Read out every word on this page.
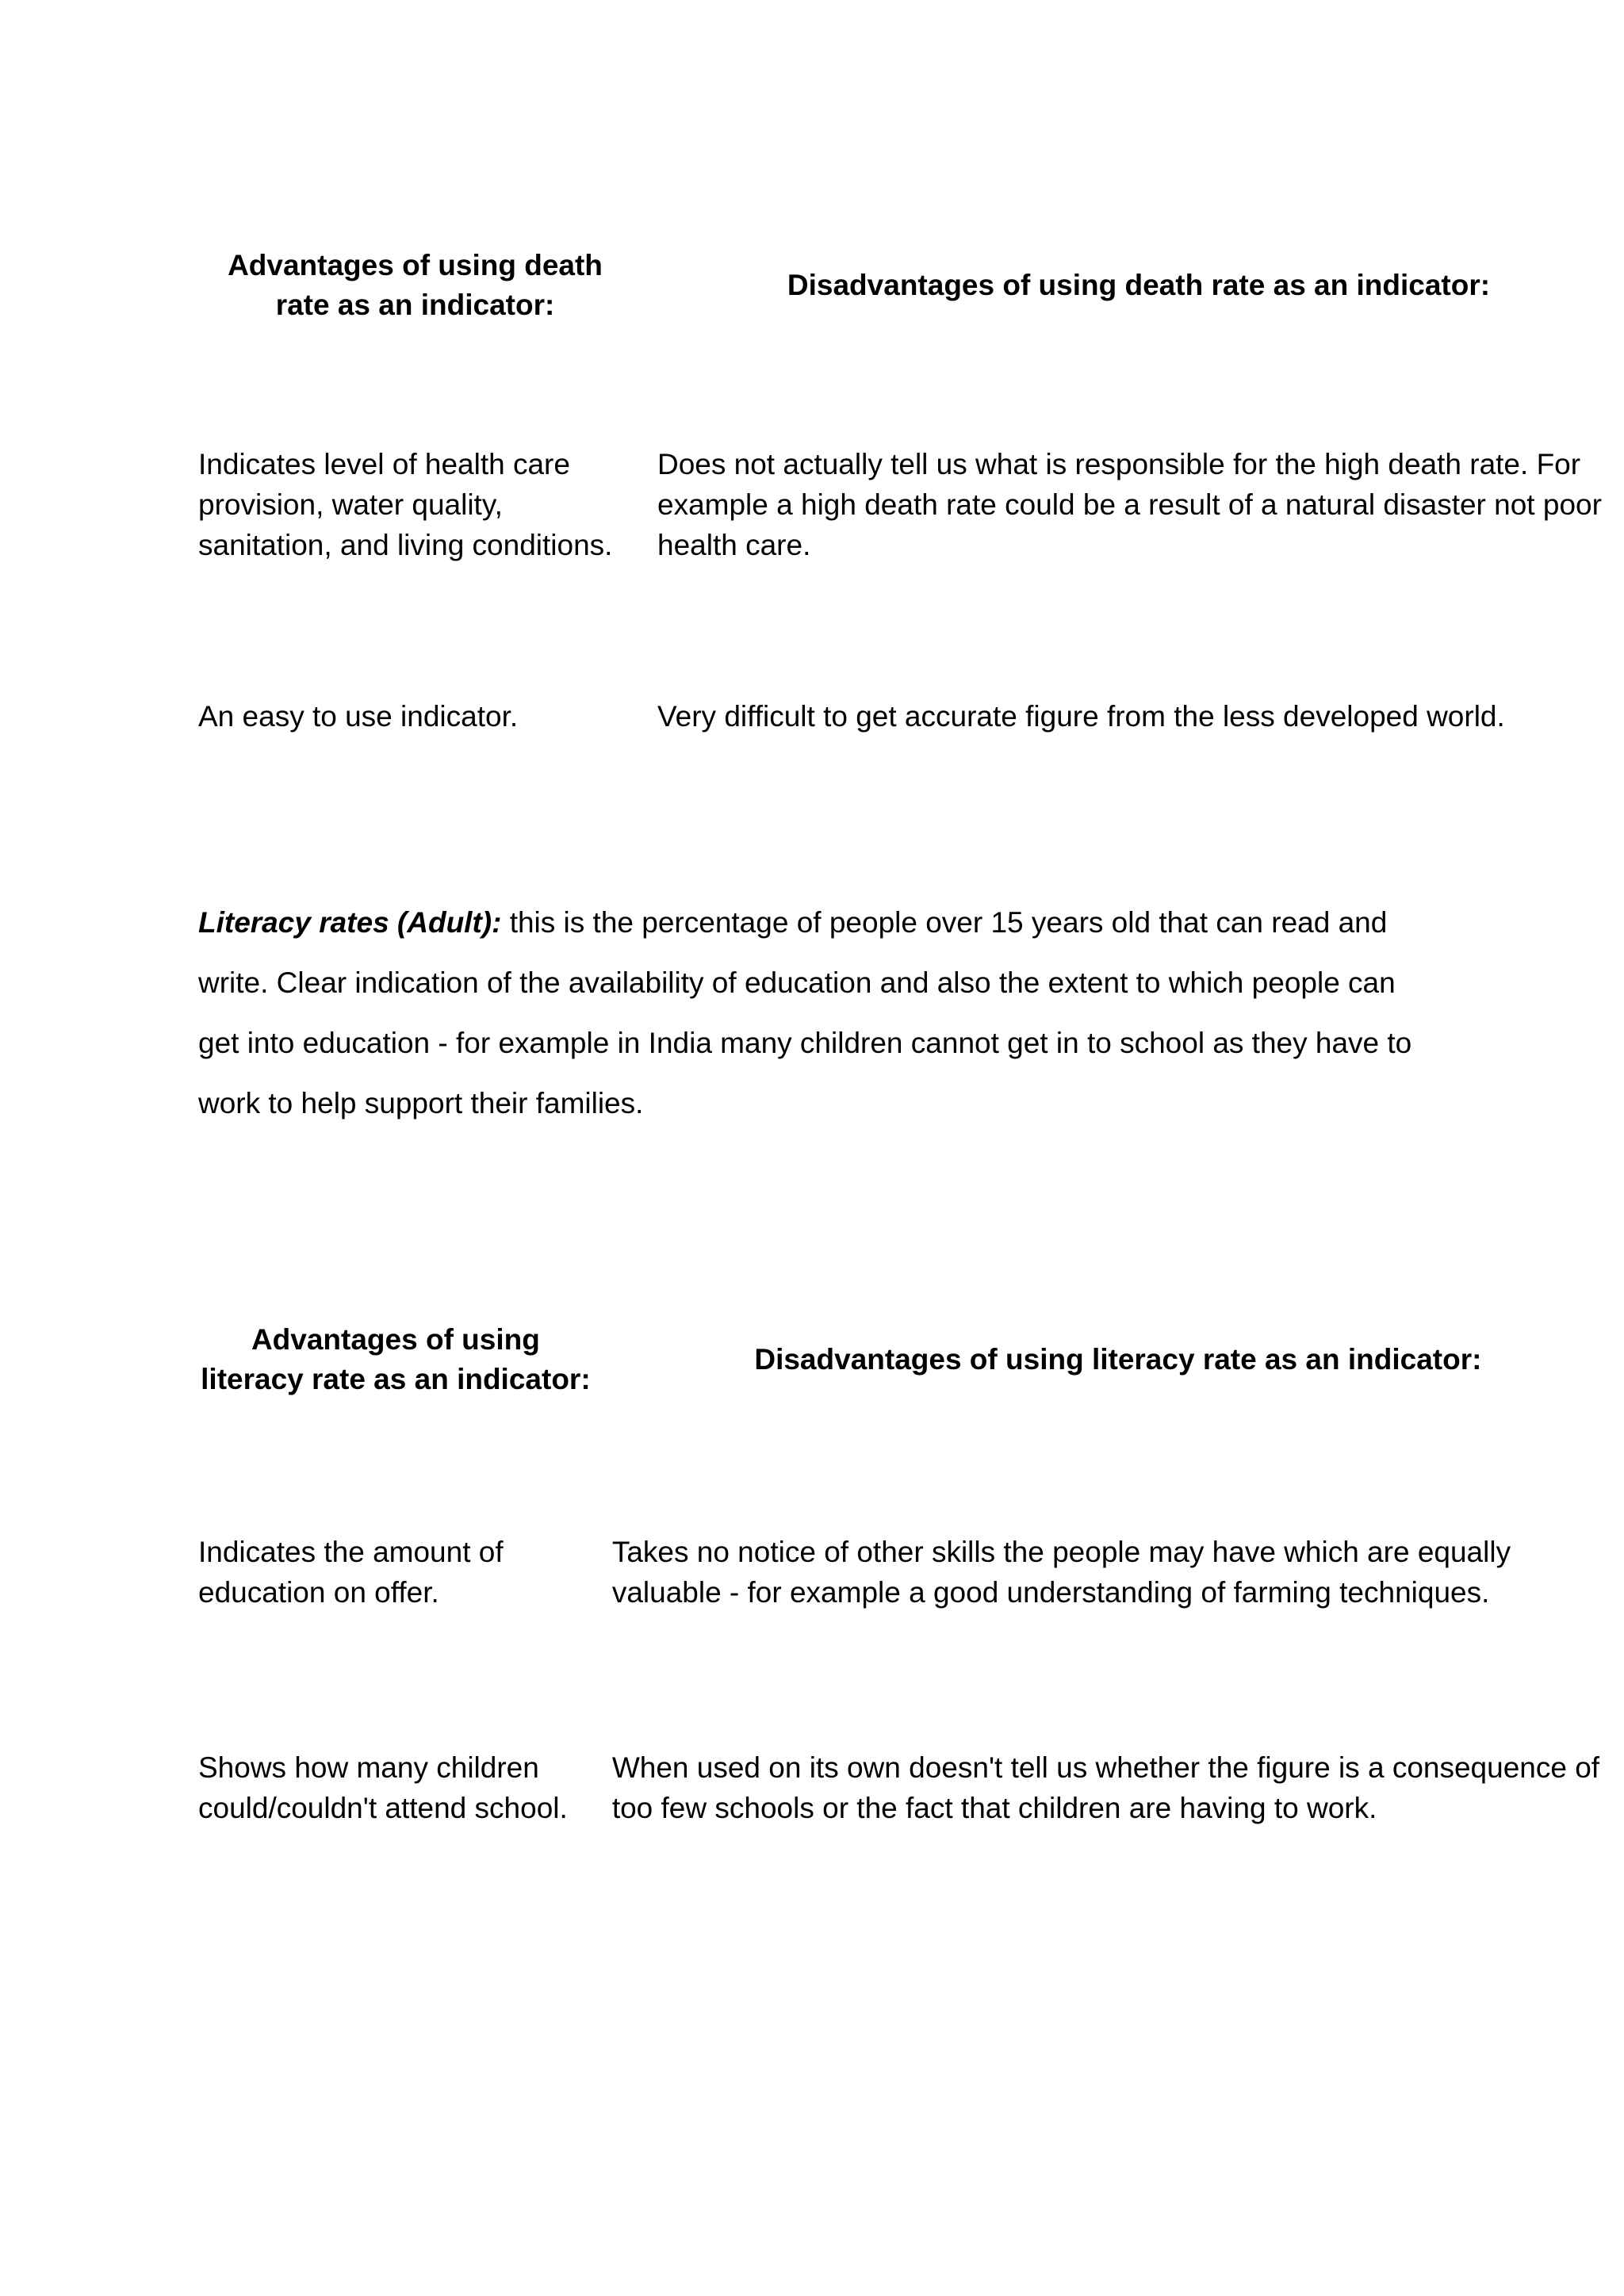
Advantages of using death rate as an indicator:	Disadvantages of using death rate as an indicator:

Indicates level of health care provision, water quality, sanitation, and living conditions.	Does not actually tell us what is responsible for the high death rate. For example a high death rate could be a result of a natural disaster not poor health care.

An easy to use indicator.	Very difficult to get accurate figure from the less developed world.

Literacy rates (Adult): this is the percentage of people over 15 years old that can read and write. Clear indication of the availability of education and also the extent to which people can get into education - for example in India many children cannot get in to school as they have to work to help support their families.

Advantages of using literacy rate as an indicator:	Disadvantages of using literacy rate as an indicator:

Indicates the amount of education on offer.	Takes no notice of other skills the people may have which are equally valuable - for example a good understanding of farming techniques.

Shows how many children could/couldn't attend school.	When used on its own doesn't tell us whether the figure is a consequence of too few schools or the fact that children are having to work.
